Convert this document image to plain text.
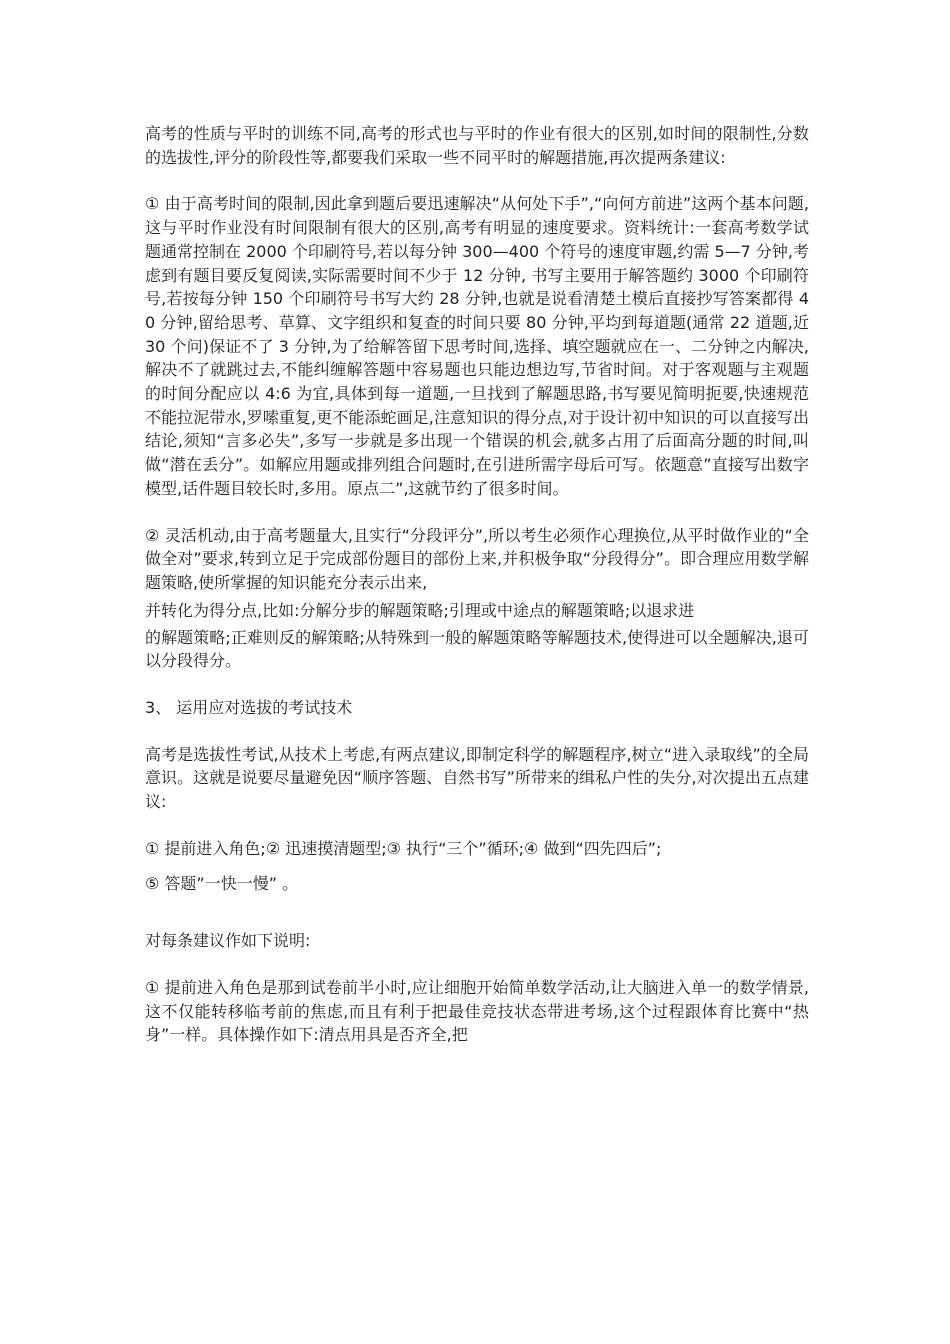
高考的性质与平时的训练不同,高考的形式也与平时的作业有很大的区别,如时间的限制性,分数的选拔性,评分的阶段性等,都要我们采取一些不同平时的解题措施,再次提两条建议:

① 由于高考时间的限制,因此拿到题后要迅速解决“从何处下手”,“向何方前进”这两个基本问题,这与平时作业没有时间限制有很大的区别,高考有明显的速度要求。资料统计:一套高考数学试题通常控制在 2000 个印刷符号,若以每分钟 300—400 个符号的速度审题,约需 5—7 分钟,考虑到有题目要反复阅读,实际需要时间不少于 12 分钟, 书写主要用于解答题约 3000 个印刷符号,若按每分钟 150 个印刷符号书写大约 28 分钟,也就是说看清楚土模后直接抄写答案都得 40 分钟,留给思考、草算、文字组织和复查的时间只要 80 分钟,平均到每道题(通常 22 道题,近 30 个问)保证不了 3 分钟,为了给解答留下思考时间,选择、填空题就应在一、二分钟之内解决,解决不了就跳过去,不能纠缠解答题中容易题也只能边想边写,节省时间。对于客观题与主观题的时间分配应以 4:6 为宜,具体到每一道题,一旦找到了解题思路,书写要见简明扼要,快速规范不能拉泥带水,罗嗦重复,更不能添蛇画足,注意知识的得分点,对于设计初中知识的可以直接写出结论,须知“言多必失”,多写一步就是多出现一个错误的机会,就多占用了后面高分题的时间,叫做“潜在丢分”。如解应用题或排列组合问题时,在引进所需字母后可写。依题意”直接写出数字模型,话件题目较长时,多用。原点二”,这就节约了很多时间。

② 灵活机动,由于高考题量大,且实行“分段评分”,所以考生必须作心理换位,从平时做作业的“全做全对”要求,转到立足于完成部份题目的部份上来,并积极争取“分段得分”。即合理应用数学解题策略,使所掌握的知识能充分表示出来,

并转化为得分点,比如:分解分步的解题策略;引理或中途点的解题策略;以退求进

的解题策略;正难则反的解策略;从特殊到一般的解题策略等解题技术,使得进可以全题解决,退可以分段得分。

3、 运用应对选拔的考试技术

高考是选拔性考试,从技术上考虑,有两点建议,即制定科学的解题程序,树立“进入录取线”的全局意识。这就是说要尽量避免因“顺序答题、自然书写”所带来的缉私户性的失分,对次提出五点建议:

① 提前进入角色;② 迅速摸清题型;③ 执行“三个”循环;④ 做到“四先四后”;

⑤ 答题”一快一慢” 。

对每条建议作如下说明:

① 提前进入角色是那到试卷前半小时,应让细胞开始简单数学活动,让大脑进入单一的数学情景,这不仅能转移临考前的焦虑,而且有利于把最佳竞技状态带进考场,这个过程跟体育比赛中“热身”一样。具体操作如下:清点用具是否齐全,把
